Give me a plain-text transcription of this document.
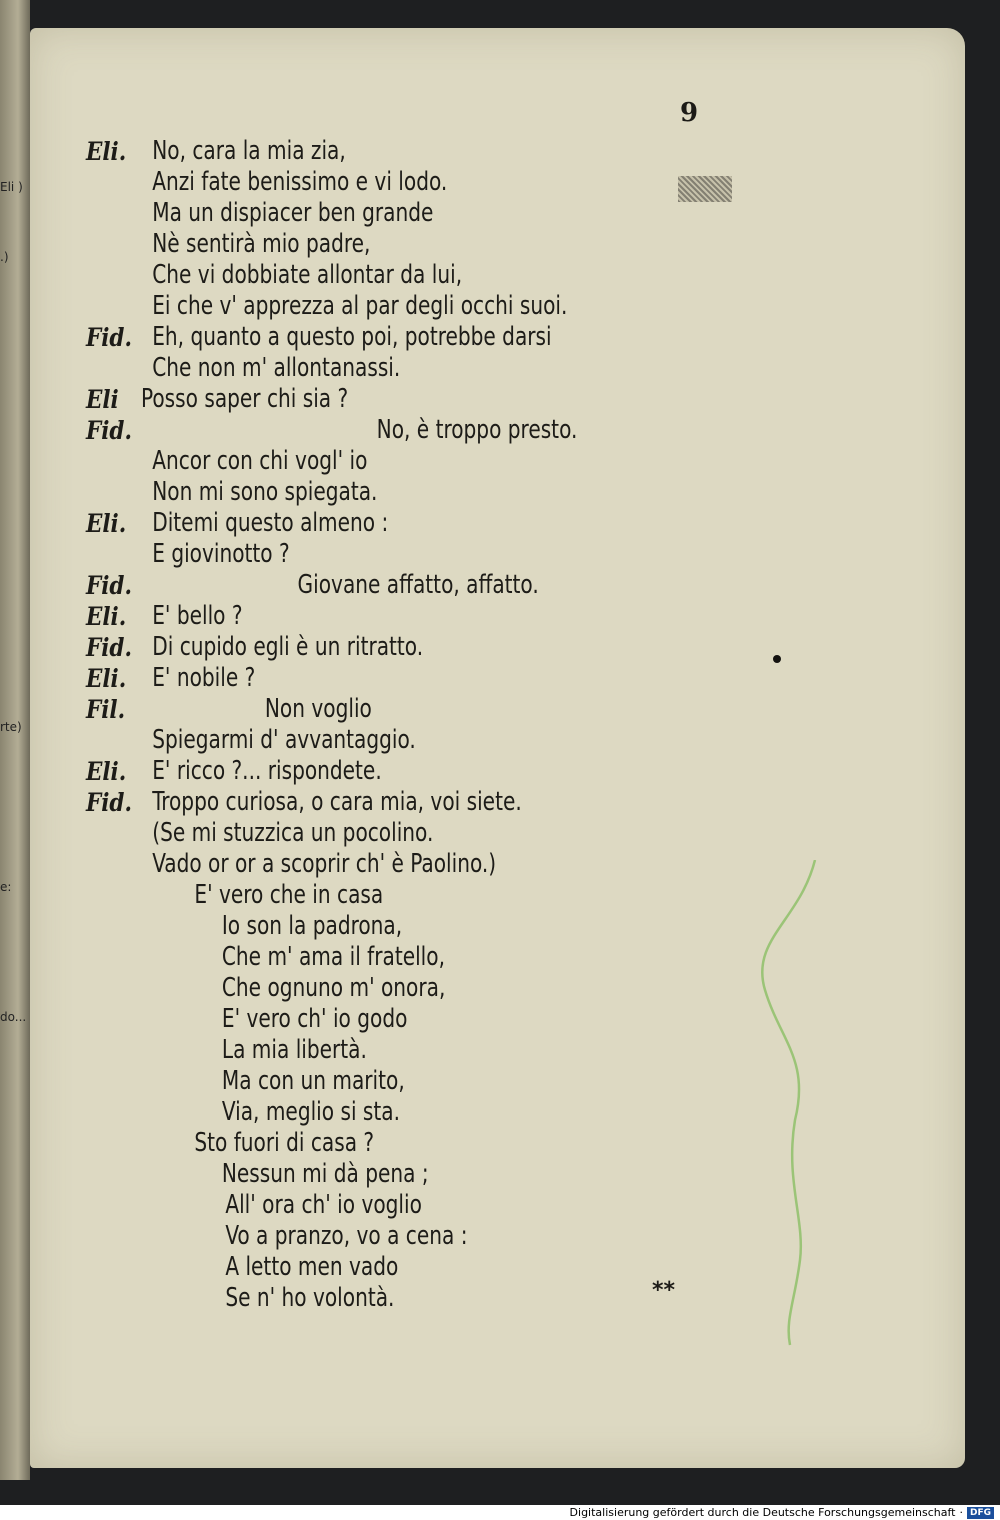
Eli )
.)
rte)
e:
do...
9
Eli. No, cara la mia zia,
Anzi fate benissimo e vi lodo.
Ma un dispiacer ben grande
Nè sentirà mio padre,
Che vi dobbiate allontar da lui,
Ei che v' apprezza al par degli occhi suoi.
Fid. Eh, quanto a questo poi, potrebbe darsi
Che non m' allontanassi.
Eli Posso saper chi sia ?
Fid.	No, è troppo presto.
Ancor con chi vogl' io
Non mi sono spiegata.
Eli. Ditemi questo almeno :
E giovinotto ?
Fid.	Giovane affatto, affatto.
Eli. E' bello ?
Fid. Di cupido egli è un ritratto.
Eli. E' nobile ?
Fil.	Non voglio
Spiegarmi d' avvantaggio.
Eli. E' ricco ?... rispondete.
Fid. Troppo curiosa, o cara mia, voi siete.
(Se mi stuzzica un pocolino.
Vado or or a scoprir ch' è Paolino.)
E' vero che in casa
Io son la padrona,
Che m' ama il fratello,
Che ognuno m' onora,
E' vero ch' io godo
La mia libertà.
Ma con un marito,
Via, meglio si sta.
Sto fuori di casa ?
Nessun mi dà pena ;
All' ora ch' io voglio
Vo a pranzo, vo a cena :
A letto men vado
Se n' ho volontà.	**
Digitalisierung gefördert durch die Deutsche Forschungsgemeinschaft · DFG
